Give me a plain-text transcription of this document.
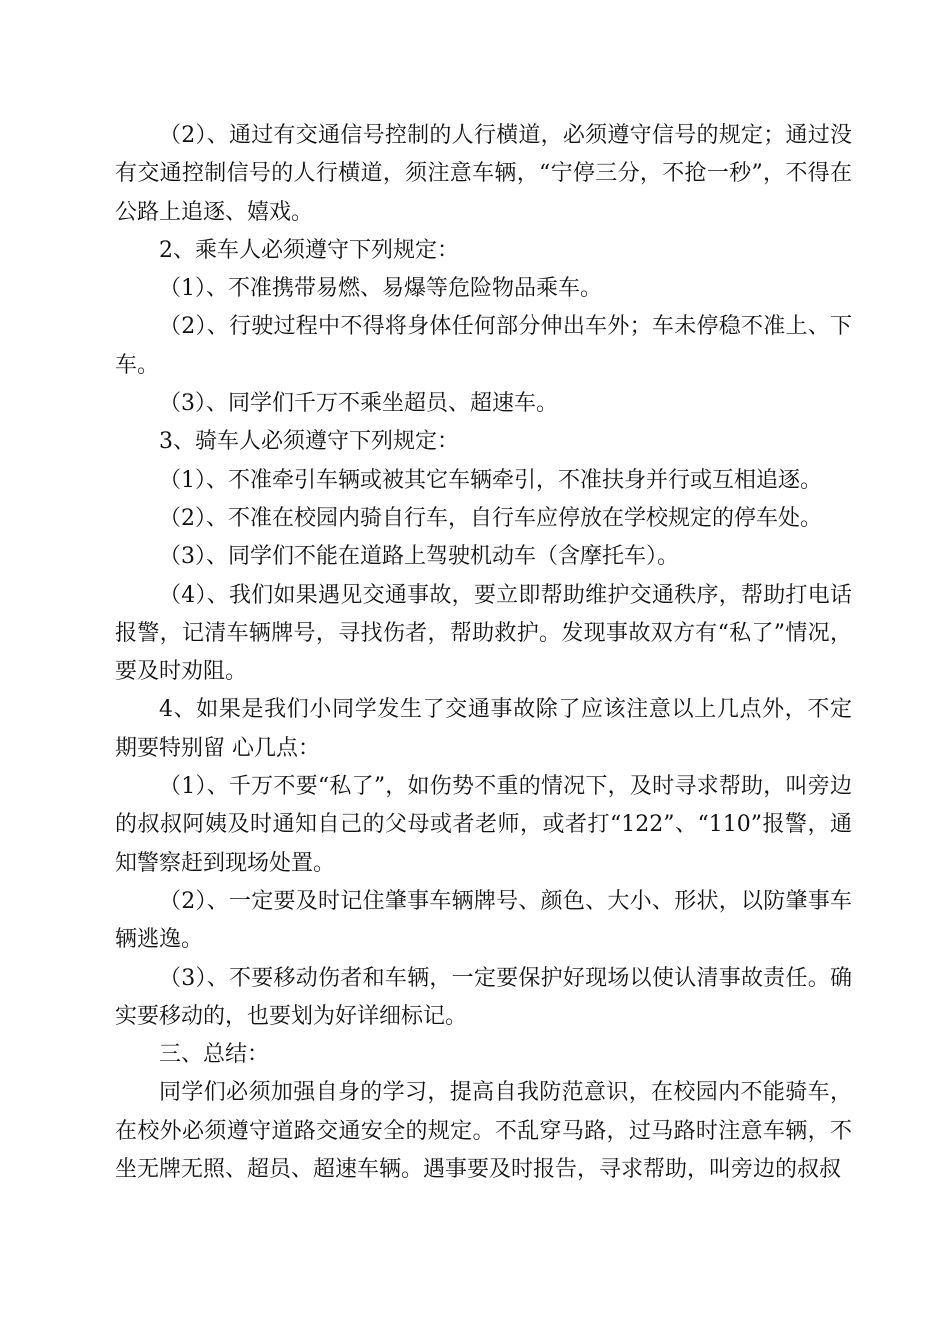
（2）、通过有交通信号控制的人行横道，必须遵守信号的规定；通过没有交通控制信号的人行横道，须注意车辆，“宁停三分，不抢一秒”，不得在公路上追逐、嬉戏。

2、乘车人必须遵守下列规定：

（1）、不准携带易燃、易爆等危险物品乘车。

（2）、行驶过程中不得将身体任何部分伸出车外；车未停稳不准上、下车。

（3）、同学们千万不乘坐超员、超速车。

3、骑车人必须遵守下列规定：

（1）、不准牵引车辆或被其它车辆牵引，不准扶身并行或互相追逐。

（2）、不准在校园内骑自行车，自行车应停放在学校规定的停车处。

（3）、同学们不能在道路上驾驶机动车（含摩托车）。

（4）、我们如果遇见交通事故，要立即帮助维护交通秩序，帮助打电话报警，记清车辆牌号，寻找伤者，帮助救护。发现事故双方有“私了”情况，要及时劝阻。

4、如果是我们小同学发生了交通事故除了应该注意以上几点外，不定期要特别留 心几点：

（1）、千万不要“私了”，如伤势不重的情况下，及时寻求帮助，叫旁边的叔叔阿姨及时通知自己的父母或者老师，或者打“122”、“110”报警，通知警察赶到现场处置。

（2）、一定要及时记住肇事车辆牌号、颜色、大小、形状，以防肇事车辆逃逸。

（3）、不要移动伤者和车辆，一定要保护好现场以使认清事故责任。确实要移动的，也要划为好详细标记。

三、总结：

同学们必须加强自身的学习，提高自我防范意识，在校园内不能骑车，在校外必须遵守道路交通安全的规定。不乱穿马路，过马路时注意车辆，不坐无牌无照、超员、超速车辆。遇事要及时报告，寻求帮助，叫旁边的叔叔
